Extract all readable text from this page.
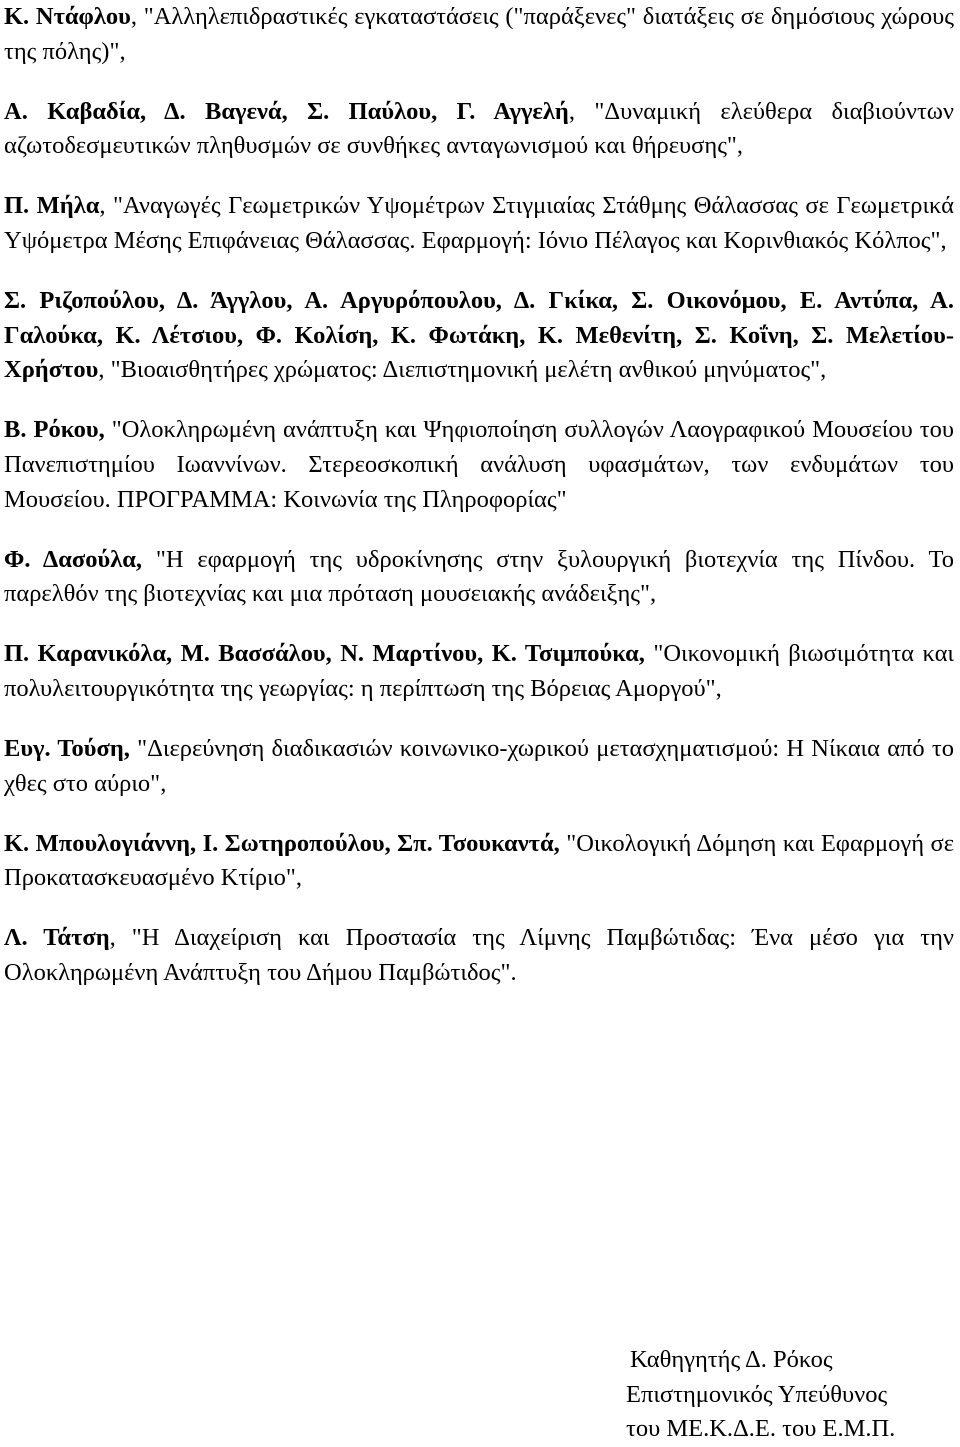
Κ. Ντάφλου, "Αλληλεπιδραστικές εγκαταστάσεις ("παράξενες" διατάξεις σε δημόσιους χώρους της πόλης)",

Α. Καβαδία, Δ. Βαγενά, Σ. Παύλου, Γ. Αγγελή, "Δυναμική ελεύθερα διαβιούντων αζωτοδεσμευτικών πληθυσμών σε συνθήκες ανταγωνισμού και θήρευσης",

Π. Μήλα, "Αναγωγές Γεωμετρικών Υψομέτρων Στιγμιαίας Στάθμης Θάλασσας σε Γεωμετρικά Υψόμετρα Μέσης Επιφάνειας Θάλασσας. Εφαρμογή: Ιόνιο Πέλαγος και Κορινθιακός Κόλπος",

Σ. Ριζοπούλου, Δ. Άγγλου, Α. Αργυρόπουλου, Δ. Γκίκα, Σ. Οικονόμου, Ε. Αντύπα, Α. Γαλούκα, Κ. Λέτσιου, Φ. Κολίση, Κ. Φωτάκη, Κ. Μεθενίτη, Σ. Κοΐνη, Σ. Μελετίου-Χρήστου, "Βιοαισθητήρες χρώματος: Διεπιστημονική μελέτη ανθικού μηνύματος",

Β. Ρόκου, "Ολοκληρωμένη ανάπτυξη και Ψηφιοποίηση συλλογών Λαογραφικού Μουσείου του Πανεπιστημίου Ιωαννίνων. Στερεοσκοπική ανάλυση υφασμάτων, των ενδυμάτων του Μουσείου. ΠΡΟΓΡΑΜΜΑ: Κοινωνία της Πληροφορίας"

Φ. Δασούλα, "Η εφαρμογή της υδροκίνησης στην ξυλουργική βιοτεχνία της Πίνδου. Το παρελθόν της βιοτεχνίας και μια πρόταση μουσειακής ανάδειξης",

Π. Καρανικόλα, Μ. Βασσάλου, Ν. Μαρτίνου, Κ. Τσιμπούκα, "Οικονομική βιωσιμότητα και πολυλειτουργικότητα της γεωργίας: η περίπτωση της Βόρειας Αμοργού",

Ευγ. Τούση, "Διερεύνηση διαδικασιών κοινωνικο-χωρικού μετασχηματισμού: Η Νίκαια από το χθες στο αύριο",

Κ. Μπουλογιάννη, Ι. Σωτηροπούλου, Σπ. Τσουκαντά, "Οικολογική Δόμηση και Εφαρμογή σε Προκατασκευασμένο Κτίριο",

Λ. Τάτση, "Η Διαχείριση και Προστασία της Λίμνης Παμβώτιδας: Ένα μέσο για την Ολοκληρωμένη Ανάπτυξη του Δήμου Παμβώτιδος".

Καθηγητής Δ. Ρόκος
Επιστημονικός Υπεύθυνος
του ΜΕ.Κ.Δ.Ε. του Ε.Μ.Π.
